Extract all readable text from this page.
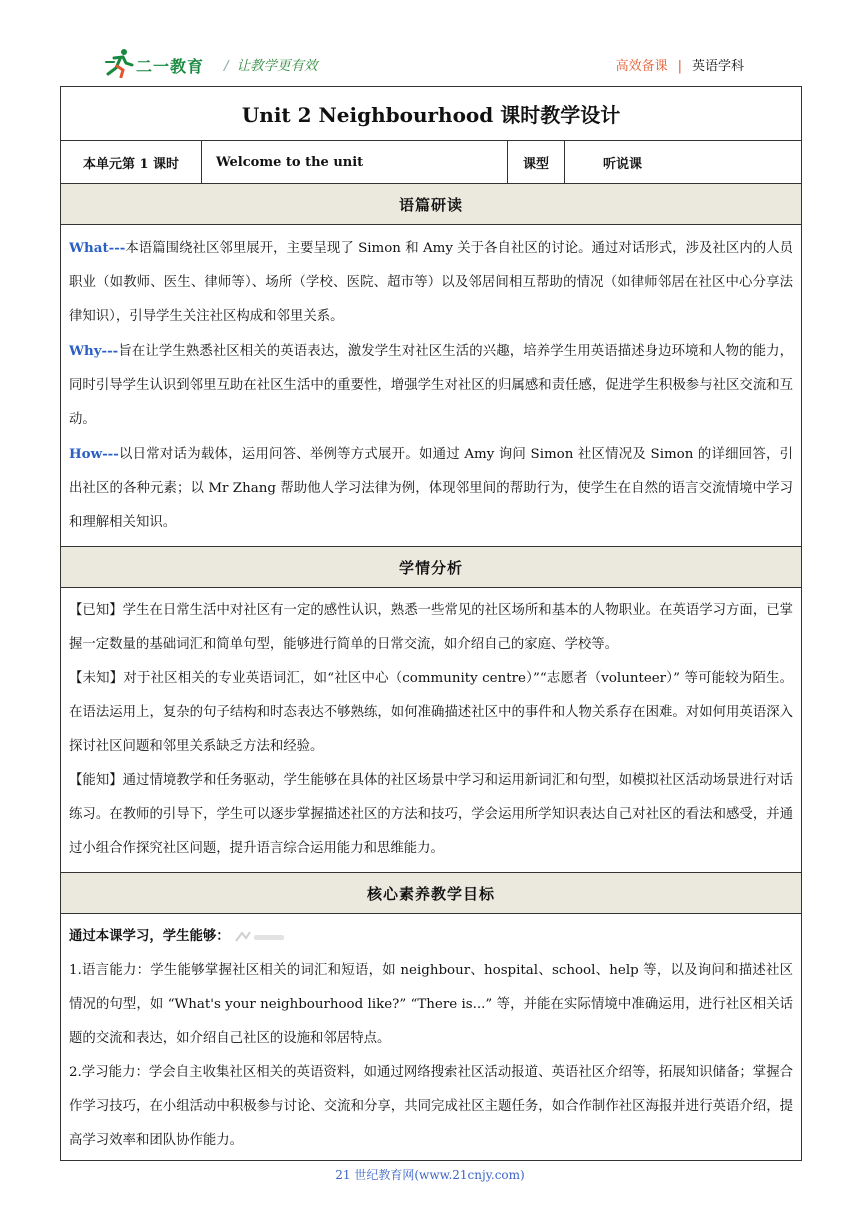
二一教育 / 让教学更有效	高效备课 | 英语学科
Unit 2 Neighbourhood 课时教学设计
本单元第 1 课时	Welcome to the unit	课型	听说课
语篇研读

What---本语篇围绕社区邻里展开，主要呈现了 Simon 和 Amy 关于各自社区的讨论。通过对话形式，涉及社区内的人员职业（如教师、医生、律师等）、场所（学校、医院、超市等）以及邻居间相互帮助的情况（如律师邻居在社区中心分享法律知识），引导学生关注社区构成和邻里关系。

Why---旨在让学生熟悉社区相关的英语表达，激发学生对社区生活的兴趣，培养学生用英语描述身边环境和人物的能力，同时引导学生认识到邻里互助在社区生活中的重要性，增强学生对社区的归属感和责任感，促进学生积极参与社区交流和互动。

How---以日常对话为载体，运用问答、举例等方式展开。如通过 Amy 询问 Simon 社区情况及 Simon 的详细回答，引出社区的各种元素；以 Mr Zhang 帮助他人学习法律为例，体现邻里间的帮助行为，使学生在自然的语言交流情境中学习和理解相关知识。

学情分析

【已知】学生在日常生活中对社区有一定的感性认识，熟悉一些常见的社区场所和基本的人物职业。在英语学习方面，已掌握一定数量的基础词汇和简单句型，能够进行简单的日常交流，如介绍自己的家庭、学校等。

【未知】对于社区相关的专业英语词汇，如“社区中心（community centre）”“志愿者（volunteer）” 等可能较为陌生。在语法运用上，复杂的句子结构和时态表达不够熟练，如何准确描述社区中的事件和人物关系存在困难。对如何用英语深入探讨社区问题和邻里关系缺乏方法和经验。

【能知】通过情境教学和任务驱动，学生能够在具体的社区场景中学习和运用新词汇和句型，如模拟社区活动场景进行对话练习。在教师的引导下，学生可以逐步掌握描述社区的方法和技巧，学会运用所学知识表达自己对社区的看法和感受，并通过小组合作探究社区问题，提升语言综合运用能力和思维能力。

核心素养教学目标

通过本课学习，学生能够：

1.语言能力：学生能够掌握社区相关的词汇和短语，如 neighbour、hospital、school、help 等，以及询问和描述社区情况的句型，如 “What's your neighbourhood like?” “There is...” 等，并能在实际情境中准确运用，进行社区相关话题的交流和表达，如介绍自己社区的设施和邻居特点。

2.学习能力：学会自主收集社区相关的英语资料，如通过网络搜索社区活动报道、英语社区介绍等，拓展知识储备；掌握合作学习技巧，在小组活动中积极参与讨论、交流和分享，共同完成社区主题任务，如合作制作社区海报并进行英语介绍，提高学习效率和团队协作能力。

21 世纪教育网(www.21cnjy.com)
